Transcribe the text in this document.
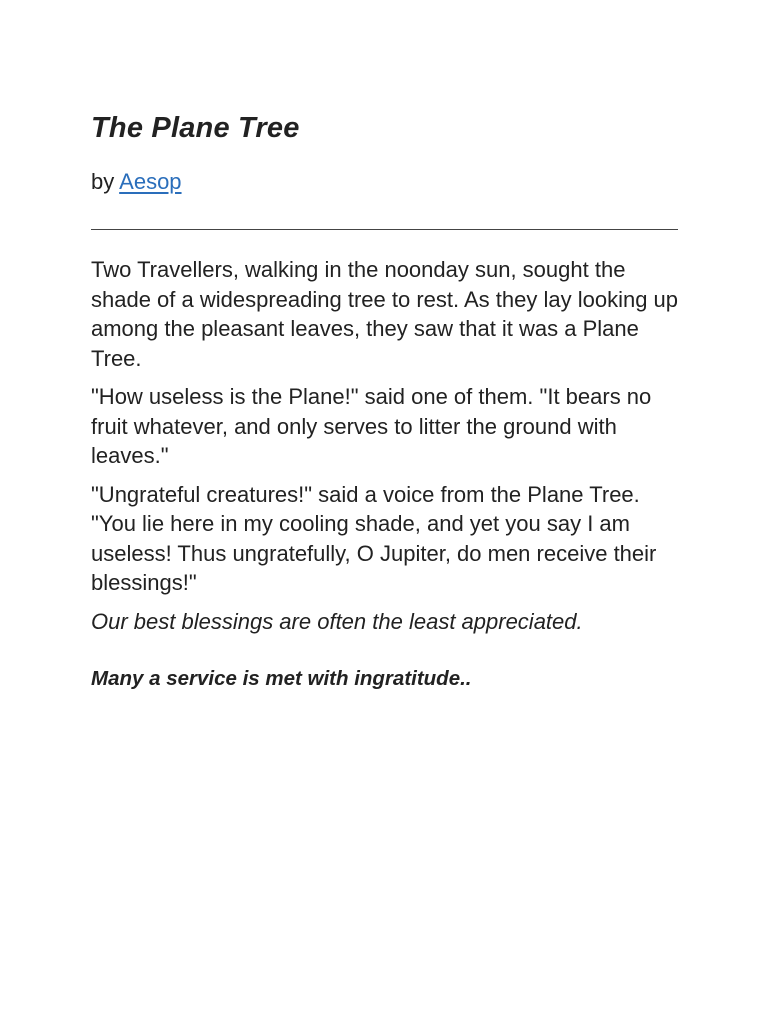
The Plane Tree
by Aesop

Two Travellers, walking in the noonday sun, sought the shade of a widespreading tree to rest. As they lay looking up among the pleasant leaves, they saw that it was a Plane Tree.

"How useless is the Plane!" said one of them. "It bears no fruit whatever, and only serves to litter the ground with leaves."

"Ungrateful creatures!" said a voice from the Plane Tree. "You lie here in my cooling shade, and yet you say I am useless! Thus ungratefully, O Jupiter, do men receive their blessings!"

Our best blessings are often the least appreciated.

Many a service is met with ingratitude..
